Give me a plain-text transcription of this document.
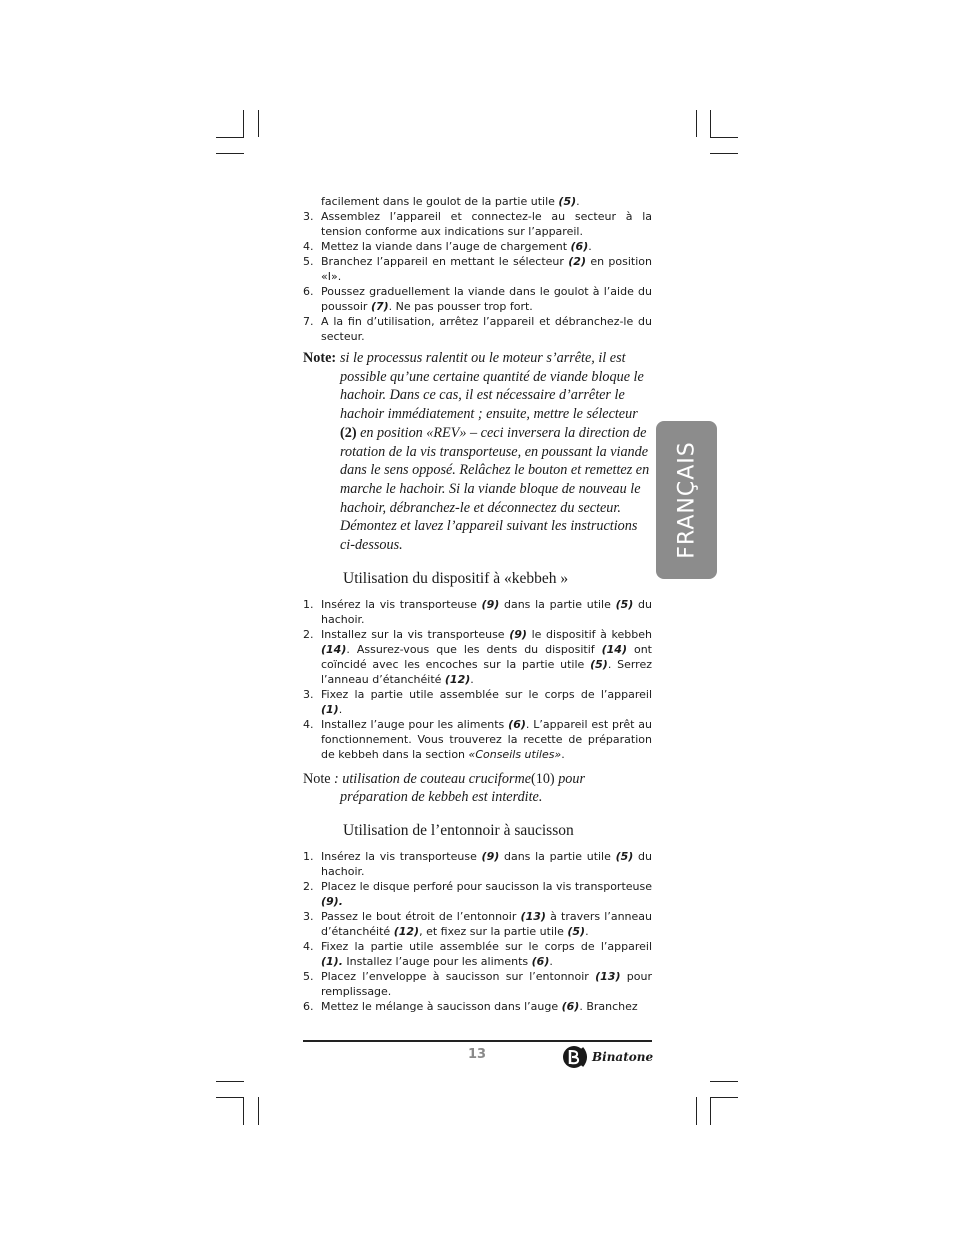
FRANÇAIS
facilement dans le goulot de la partie utile (5).
3. Assemblez l’appareil et connectez-le au secteur à la tension conforme aux indications sur l’appareil.
4. Mettez la viande dans l’auge de chargement (6).
5. Branchez l’appareil en mettant le sélecteur (2) en position «I».
6. Poussez graduellement la viande dans le goulot à l’aide du poussoir (7). Ne pas pousser trop fort.
7. A la fin d’utilisation, arrêtez l’appareil et débranchez-le du secteur.
Note: si le processus ralentit ou le moteur s’arrête, il est possible qu’une certaine quantité de viande bloque le hachoir. Dans ce cas, il est nécessaire d’arrêter le hachoir immédiatement ; ensuite, mettre le sélecteur (2) en position «REV» – ceci inversera la direction de rotation de la vis transporteuse, en poussant la viande dans le sens opposé. Relâchez le bouton et remettez en marche le hachoir. Si la viande bloque de nouveau le hachoir, débranchez-le et déconnectez du secteur. Démontez et lavez l’appareil suivant les instructions ci-dessous.
Utilisation du dispositif à «kebbeh »
1. Insérez la vis transporteuse (9) dans la partie utile (5) du hachoir.
2. Installez sur la vis transporteuse (9) le dispositif à kebbeh (14). Assurez-vous que les dents du dispositif (14) ont coïncidé avec les encoches sur la partie utile (5). Serrez l’anneau d’étanchéité (12).
3. Fixez la partie utile assemblée sur le corps de l’appareil (1).
4. Installez l’auge pour les aliments (6). L’appareil est prêt au fonctionnement. Vous trouverez la recette de préparation de kebbeh dans la section «Conseils utiles».
Note : utilisation de couteau cruciforme(10) pour préparation de kebbeh est interdite.
Utilisation de l’entonnoir à saucisson
1. Insérez la vis transporteuse (9) dans la partie utile (5) du hachoir.
2. Placez le disque perforé pour saucisson la vis transporteuse (9).
3. Passez le bout étroit de l’entonnoir (13) à travers l’anneau d’étanchéité (12), et fixez sur la partie utile (5).
4. Fixez la partie utile assemblée sur le corps de l’appareil (1). Installez l’auge pour les aliments (6).
5. Placez l’enveloppe à saucisson sur l’entonnoir (13) pour remplissage.
6. Mettez le mélange à saucisson dans l’auge (6). Branchez
13	Binatone
